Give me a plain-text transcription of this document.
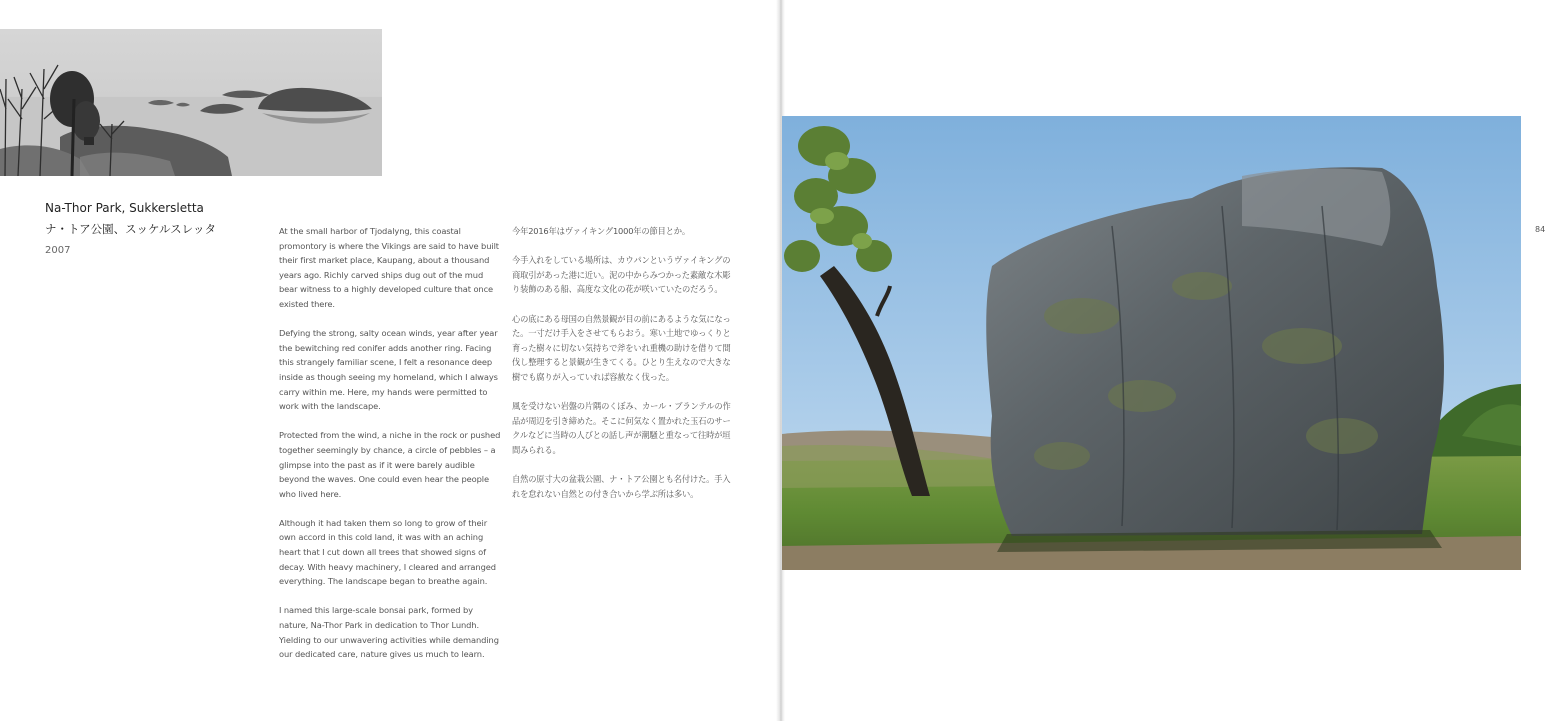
Na-Thor Park, Sukkersletta
ナ・トア公園、スッケルスレッタ
2007

At the small harbor of Tjodalyng, this coastal promontory is where the Vikings are said to have built their first market place, Kaupang, about a thousand years ago. Richly carved ships dug out of the mud bear witness to a highly developed culture that once existed there.

Defying the strong, salty ocean winds, year after year the bewitching red conifer adds another ring. Facing this strangely familiar scene, I felt a resonance deep inside as though seeing my homeland, which I always carry within me. Here, my hands were permitted to work with the landscape.

Protected from the wind, a niche in the rock or pushed together seemingly by chance, a circle of pebbles – a glimpse into the past as if it were barely audible beyond the waves. One could even hear the people who lived here.

Although it had taken them so long to grow of their own accord in this cold land, it was with an aching heart that I cut down all trees that showed signs of decay. With heavy machinery, I cleared and arranged everything. The landscape began to breathe again.

I named this large-scale bonsai park, formed by nature, Na-Thor Park in dedication to Thor Lundh. Yielding to our unwavering activities while demanding our dedicated care, nature gives us much to learn.

今年2016年はヴァイキング1000年の節目とか。

今手入れをしている場所は、カウパンというヴァイキングの商取引があった港に近い。泥の中からみつかった素敵な木彫り装飾のある船、高度な文化の花が咲いていたのだろう。

心の底にある母国の自然景観が目の前にあるような気になった。一寸だけ手入をさせてもらおう。寒い土地でゆっくりと育った樹々に切ない気持ちで斧をいれ重機の助けを借りて間伐し整理すると景観が生きてくる。ひとり生えなので大きな樹でも腐りが入っていれば容赦なく伐った。

風を受けない岩盤の片隅のくぼみ、カール・ブランテルの作品が周辺を引き締めた。そこに何気なく置かれた玉石のサークルなどに当時の人びとの話し声が潮騒と重なって往時が垣間みられる。

自然の原寸大の盆栽公園、ナ・トア公園とも名付けた。手入れを怠れない自然との付き合いから学ぶ所は多い。

84
